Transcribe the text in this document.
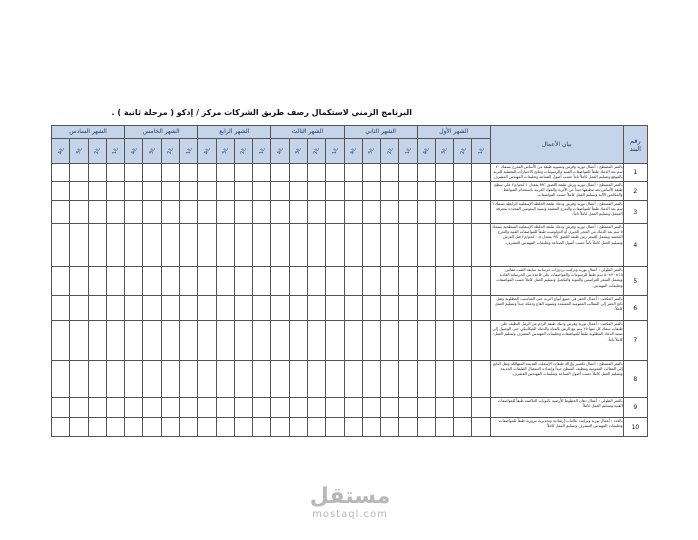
البرنامج الزمني لاستكمال رصف طريق الشركات مركز / إدكو ( مرحلة ثانية ) .
الشهر السادس				الشهر الخامس				الشهر الرابع				الشهر الثالث				الشهر الثاني				الشهر الأول				بيان الأعمال	رقم البند
ع4	ع3	ع2	ع1	ع4	ع3	ع2	ع1	ع4	ع3	ع2	ع1	ع4	ع3	ع2	ع1	ع4	ع3	ع2	ع1	ع4	ع3	ع2	ع1		
																								بالمتر المسطح : أعمال توريد وفرش وتسوية طبقة من الأساس المدرج بسمك ٢٠ سم بعد الدمك طبقاً للمواصفات الفنية والرسومات ونتائج الاختبارات المعملية للتربة بالموقع وتسليم العمل كاملاً تاماً حسب أصول الصناعة وتعليمات المهندس المشرف.	1
																								بالمتر المسطح : أعمال توريد ورش طبقة اللصق MC بمعدل ١ كجم/م٢ على سطح طبقة الأساس بعد تنظيفها جيداً من الأتربة والمواد الغريبة باستخدام الضواغط والمكانس الآلية وتسليم العمل كاملاً حسب المواصفات.	2
																								بالمتر المسطح : أعمال توريد وفرش ودمك طبقة الخلطة الإسفلتية الرابطة بسمك ٦ سم بعد الدمك طبقاً للمواصفات والتدرج المعتمد ونسبة البيتومين المحددة بمعرفة المعمل وتسليم العمل كاملاً تاماً.	3
																								بالمتر المسطح : أعمال توريد وفرش ودمك طبقة الخلطة الإسفلتية السطحية بسمك ٥ سم بعد الدمك من الحجر الجيري أو الدولوميت طبقاً للمواصفات الفنية والتدرج المعتمد ويشمل السعر رش طبقة اللصق RC بمعدل ٠.٥ كجم/م٢ قبل الفرش وتسليم العمل كاملاً تاماً حسب أصول الصناعة وتعليمات المهندس المشرف.	4
																								بالمتر الطولي : أعمال توريد وتركيب بردورات خرسانية سابقة الصب مقاس ١٥×٣٠×٥٠ سم طبقاً للرسومات والمواصفات على قاعدة من الخرسانة العادية ويشمل السعر العراميس والمونة والتكحيل وتسليم العمل كاملاً حسب المواصفات وتعليمات المهندس.	5
																								بالمتر المكعب : أعمال الحفر في جميع أنواع التربة حتى المناسيب المطلوبة ونقل ناتج الحفر إلى المقالب العمومية المعتمدة وتسوية القاع ودمكه جيداً وتسليم العمل كاملاً.	6
																								بالمتر المكعب : أعمال توريد وفرش ودمك طبقة الردم من الرمل النظيف على طبقات سمك كل منها ٢٥ سم مع الرش بالمياه والدمك الميكانيكي حتى الوصول إلى نسبة الدمك المطلوبة طبقاً للمواصفات وتعليمات المهندس المشرف وتسليم العمل كاملاً تاماً.	7
																								بالمتر المسطح : أعمال تكسير وإزالة طبقات الإسفلت القديمة المتهالكة ونقل الناتج إلى المقالب العمومية وتنظيف السطح جيداً وإعداده لاستقبال الطبقات الجديدة وتسليم العمل كاملاً حسب أصول الصناعة وتعليمات المهندس المشرف.	8
																								بالمتر الطولي : أعمال دهان الخطوط الأرضية بالبويات العاكسة طبقاً للمواصفات الفنية وتسليم العمل كاملاً.	9
																								بالعدد : أعمال توريد وتركيب علامات إرشادية وتحذيرية مرورية طبقاً للمواصفات وتعليمات المهندس المشرف وتسليم العمل كاملاً.	10
مستقل
mostaql.com
